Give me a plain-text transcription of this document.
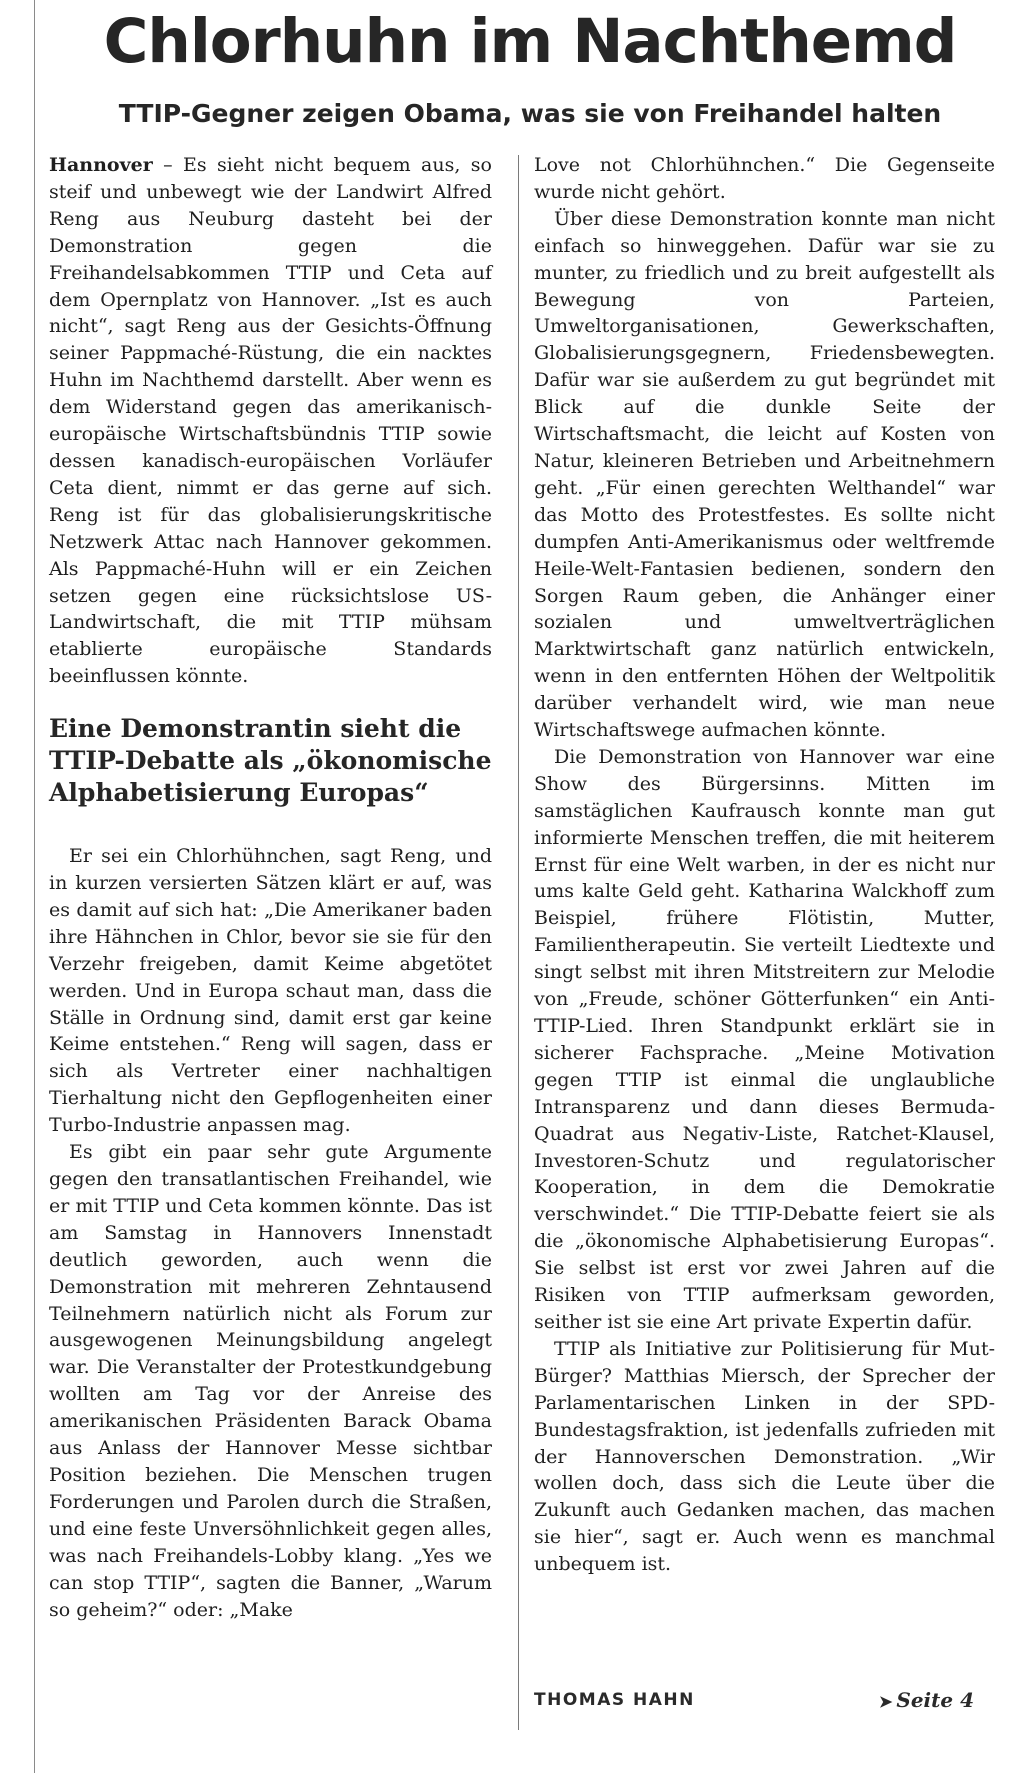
Chlorhuhn im Nachthemd
TTIP-Gegner zeigen Obama, was sie von Freihandel halten

Hannover – Es sieht nicht bequem aus, so steif und unbewegt wie der Landwirt Alfred Reng aus Neuburg dasteht bei der Demonstration gegen die Freihandelsabkommen TTIP und Ceta auf dem Opernplatz von Hannover. „Ist es auch nicht“, sagt Reng aus der Gesichts-Öffnung seiner Pappmaché-Rüstung, die ein nacktes Huhn im Nachthemd darstellt. Aber wenn es dem Widerstand gegen das amerikanisch-europäische Wirtschaftsbündnis TTIP sowie dessen kanadisch-europäischen Vorläufer Ceta dient, nimmt er das gerne auf sich. Reng ist für das globalisierungskritische Netzwerk Attac nach Hannover gekommen. Als Pappmaché-Huhn will er ein Zeichen setzen gegen eine rücksichtslose US-Landwirtschaft, die mit TTIP mühsam etablierte europäische Standards beeinflussen könnte.

Eine Demonstrantin sieht die TTIP-Debatte als „ökonomische Alphabetisierung Europas“

Er sei ein Chlorhühnchen, sagt Reng, und in kurzen versierten Sätzen klärt er auf, was es damit auf sich hat: „Die Amerikaner baden ihre Hähnchen in Chlor, bevor sie sie für den Verzehr freigeben, damit Keime abgetötet werden. Und in Europa schaut man, dass die Ställe in Ordnung sind, damit erst gar keine Keime entstehen.“ Reng will sagen, dass er sich als Vertreter einer nachhaltigen Tierhaltung nicht den Gepflogenheiten einer Turbo-Industrie anpassen mag.

Es gibt ein paar sehr gute Argumente gegen den transatlantischen Freihandel, wie er mit TTIP und Ceta kommen könnte. Das ist am Samstag in Hannovers Innenstadt deutlich geworden, auch wenn die Demonstration mit mehreren Zehntausend Teilnehmern natürlich nicht als Forum zur ausgewogenen Meinungsbildung angelegt war. Die Veranstalter der Protestkundgebung wollten am Tag vor der Anreise des amerikanischen Präsidenten Barack Obama aus Anlass der Hannover Messe sichtbar Position beziehen. Die Menschen trugen Forderungen und Parolen durch die Straßen, und eine feste Unversöhnlichkeit gegen alles, was nach Freihandels-Lobby klang. „Yes we can stop TTIP“, sagten die Banner, „Warum so geheim?“ oder: „Make

Love not Chlorhühnchen.“ Die Gegenseite wurde nicht gehört.

Über diese Demonstration konnte man nicht einfach so hinweggehen. Dafür war sie zu munter, zu friedlich und zu breit aufgestellt als Bewegung von Parteien, Umweltorganisationen, Gewerkschaften, Globalisierungsgegnern, Friedensbewegten. Dafür war sie außerdem zu gut begründet mit Blick auf die dunkle Seite der Wirtschaftsmacht, die leicht auf Kosten von Natur, kleineren Betrieben und Arbeitnehmern geht. „Für einen gerechten Welthandel“ war das Motto des Protestfestes. Es sollte nicht dumpfen Anti-Amerikanismus oder weltfremde Heile-Welt-Fantasien bedienen, sondern den Sorgen Raum geben, die Anhänger einer sozialen und umweltverträglichen Marktwirtschaft ganz natürlich entwickeln, wenn in den entfernten Höhen der Weltpolitik darüber verhandelt wird, wie man neue Wirtschaftswege aufmachen könnte.

Die Demonstration von Hannover war eine Show des Bürgersinns. Mitten im samstäglichen Kaufrausch konnte man gut informierte Menschen treffen, die mit heiterem Ernst für eine Welt warben, in der es nicht nur ums kalte Geld geht. Katharina Walckhoff zum Beispiel, frühere Flötistin, Mutter, Familientherapeutin. Sie verteilt Liedtexte und singt selbst mit ihren Mitstreitern zur Melodie von „Freude, schöner Götterfunken“ ein Anti-TTIP-Lied. Ihren Standpunkt erklärt sie in sicherer Fachsprache. „Meine Motivation gegen TTIP ist einmal die unglaubliche Intransparenz und dann dieses Bermuda-Quadrat aus Negativ-Liste, Ratchet-Klausel, Investoren-Schutz und regulatorischer Kooperation, in dem die Demokratie verschwindet.“ Die TTIP-Debatte feiert sie als die „ökonomische Alphabetisierung Europas“. Sie selbst ist erst vor zwei Jahren auf die Risiken von TTIP aufmerksam geworden, seither ist sie eine Art private Expertin dafür.

TTIP als Initiative zur Politisierung für Mut-Bürger? Matthias Miersch, der Sprecher der Parlamentarischen Linken in der SPD-Bundestagsfraktion, ist jedenfalls zufrieden mit der Hannoverschen Demonstration. „Wir wollen doch, dass sich die Leute über die Zukunft auch Gedanken machen, das machen sie hier“, sagt er. Auch wenn es manchmal unbequem ist.

THOMAS HAHN	➤ Seite 4
